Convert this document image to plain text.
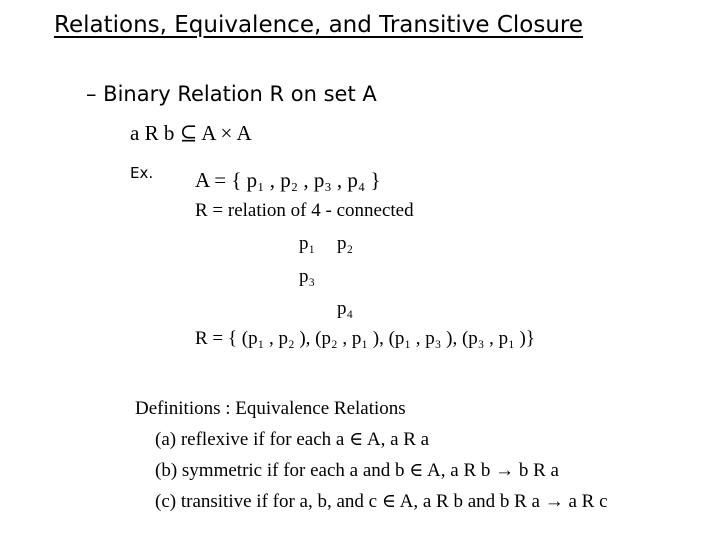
Relations, Equivalence, and Transitive Closure
– Binary Relation R on set A
a R b ⊆ A × A
Ex. A = { p₁ , p₂ , p₃ , p₄ }
R = relation of 4 - connected
p₁ p₂
p₃
p₄
R = { (p₁ , p₂ ), (p₂ , p₁ ), (p₁ , p₃ ), (p₃ , p₁ )}
Definitions : Equivalence Relations
(a) reflexive if for each a ∈ A, a R a
(b) symmetric if for each a and b ∈ A, a R b → b R a
(c) transitive if for a, b, and c ∈ A, a R b and b R a → a R c
